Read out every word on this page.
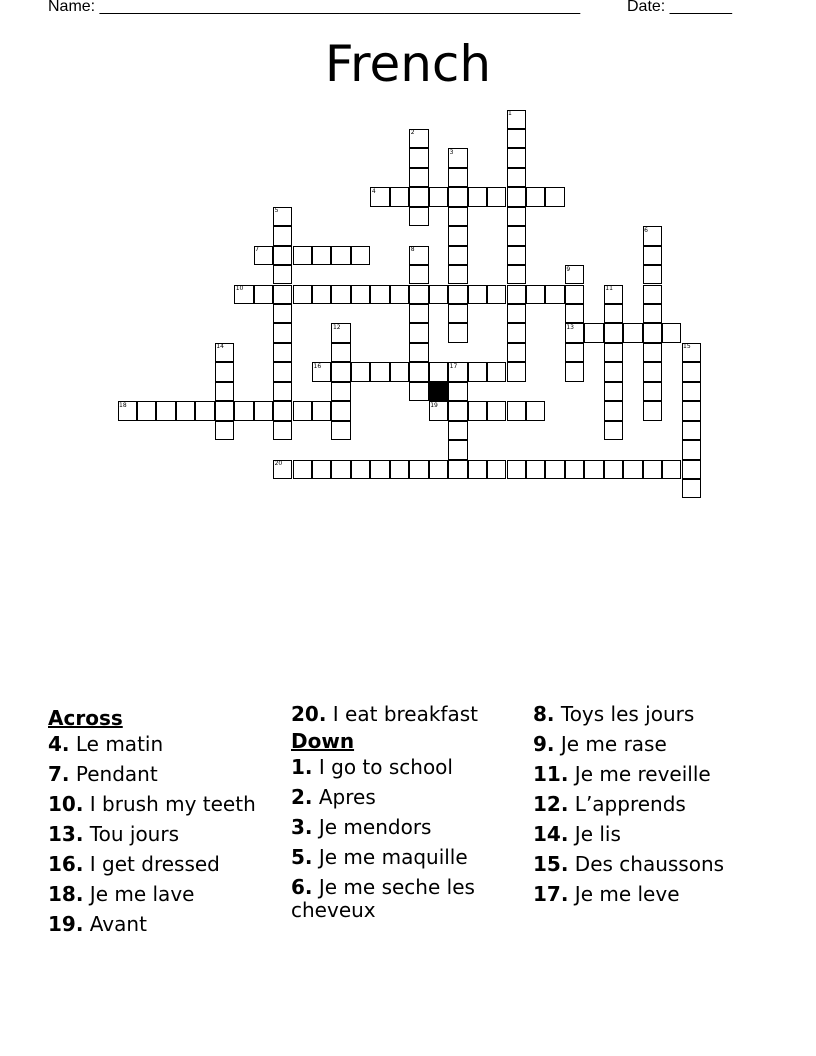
Name: ______________________________________________________	Date: _______
French
1
2
3
4
5
6
7	8
9
10	11
12	13
14	15
16	17
18	19
20
Across
4. Le matin
7. Pendant
10. I brush my teeth
13. Tou jours
16. I get dressed
18. Je me lave
19. Avant
20. I eat breakfast
Down
1. I go to school
2. Apres
3. Je mendors
5. Je me maquille
6. Je me seche les cheveux
8. Toys les jours
9. Je me rase
11. Je me reveille
12. L’apprends
14. Je lis
15. Des chaussons
17. Je me leve
